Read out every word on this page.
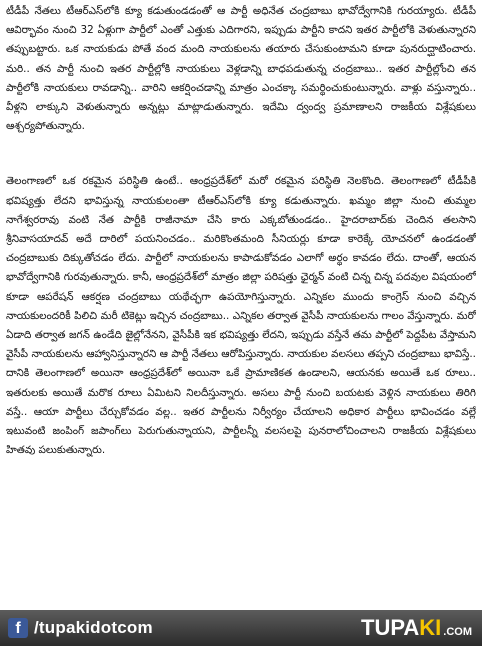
టీడీపీ నేతలు టీఆర్ఎస్‌లోకి క్యూ కడుతుండడంతో ఆ పార్టీ అధినేత చంద్రబాబు భావోద్వేగానికి గురయ్యారు. టీడీపీ ఆవిర్భావం నుంచి 32 ఏళ్లుగా పార్టీలో ఎంతో ఎత్తుకు ఎదిగారని, ఇప్పుడు పార్టీని కాదని ఇతర పార్టీలోకి వెళుతున్నారని తప్పుబట్టారు. ఒక నాయకుడు పోతే వంద మంది నాయకులను తయారు చేసుకుంటామని కూడా పునరుద్ఘాటించారు. మరి.. తన పార్టీ నుంచి ఇతర పార్టీల్లోకి నాయకులు వెళ్లడాన్ని బాధపడుతున్న చంద్రబాబు.. ఇతర పార్టీల్లోంచి తన పార్టీలోకి నాయకులు రావడాన్ని.. వారిని ఆకర్షించడాన్ని మాత్రం ఎంచక్కా సమర్థించుకుంటున్నారు. వాళ్లు వస్తున్నారు.. వీళ్లని లాక్కుని వెళుతున్నారు అన్నట్లు మాట్లాడుతున్నారు. ఇదేమి ద్వంద్వ ప్రమాణాలని రాజకీయ విశ్లేషకులు ఆశ్చర్యపోతున్నారు.

తెలంగాణలో ఒక రకమైన పరిస్థితి ఉంటే.. ఆంధ్రప్రదేశ్‌లో మరో రకమైన పరిస్థితి నెలకొంది. తెలంగాణలో టీడీపీకి భవిష్యత్తు లేదని భావిస్తున్న నాయకులంతా టీఆర్ఎస్‌లోకి క్యూ కడుతున్నారు. ఖమ్మం జిల్లా నుంచి తుమ్మల నాగేశ్వరరావు వంటి నేత పార్టీకి రాజీనామా చేసి కారు ఎక్కబోతుండడం.. హైదరాబాద్‌కు చెందిన తలసాని శ్రీనివాసయాదవ్ అదే దారిలో పయనించడం.. మరికొంతమంది సీనియర్లు కూడా కారెక్కే యోచనలో ఉండడంతో చంద్రబాబుకు దిక్కుతోచడం లేదు. పార్టీలో నాయకులను కాపాడుకోవడం ఎలాగో అర్థం కావడం లేదు. దాంతో, ఆయన భావోద్వేగానికి గురవుతున్నారు. కానీ, ఆంధ్రప్రదేశ్‌లో మాత్రం జిల్లా పరిషత్తు ఛైర్మన్ వంటి చిన్న చిన్న పదవుల విషయంలో కూడా ఆపరేషన్ ఆకర్షణ చంద్రబాబు యథేచ్ఛగా ఉపయోగిస్తున్నారు. ఎన్నికల ముందు కాంగ్రెస్ నుంచి వచ్చిన నాయకులందరికీ పిలిచి మరీ టికెట్లు ఇచ్చిన చంద్రబాబు.. ఎన్నికల తర్వాత వైసీపీ నాయకులను గాలం వేస్తున్నారు. మరో ఏడాది తర్వాత జగన్ ఉండేది జైల్లోనేనని, వైసీపీకి ఇక భవిష్యత్తు లేదని, ఇప్పుడు వస్తేనే తమ పార్టీలో పెద్దపీట వేస్తామని వైసీపీ నాయకులను ఆహ్వానిస్తున్నారని ఆ పార్టీ నేతలు ఆరోపిస్తున్నారు. నాయకుల వలసలు తప్పని చంద్రబాబు భావిస్తే.. దానికి తెలంగాణలో అయినా ఆంధ్రప్రదేశ్‌లో అయినా ఒకే ప్రామాణికత ఉండాలని, ఆయనకు అయితే ఒక రూలు.. ఇతరులకు అయితే మరొక రూలు ఏమిటని నిలదీస్తున్నారు. అసలు పార్టీ నుంచి బయటకు వెళ్లిన నాయకులు తిరిగి వస్తే.. ఆయా పార్టీలు చేర్చుకోవడం వల్ల.. ఇతర పార్టీలను నిర్వీర్యం చేయాలని అధికార పార్టీలు భావించడం వల్లే ఇటువంటి జంపింగ్ జపాంగ్‌లు పెరుగుతున్నాయని, పార్టీలన్నీ వలసలపై పునరాలోచించాలని రాజకీయ విశ్లేషకులు హితవు పలుకుతున్నారు.

f /tupakidotcom	TUPA KI .COM
